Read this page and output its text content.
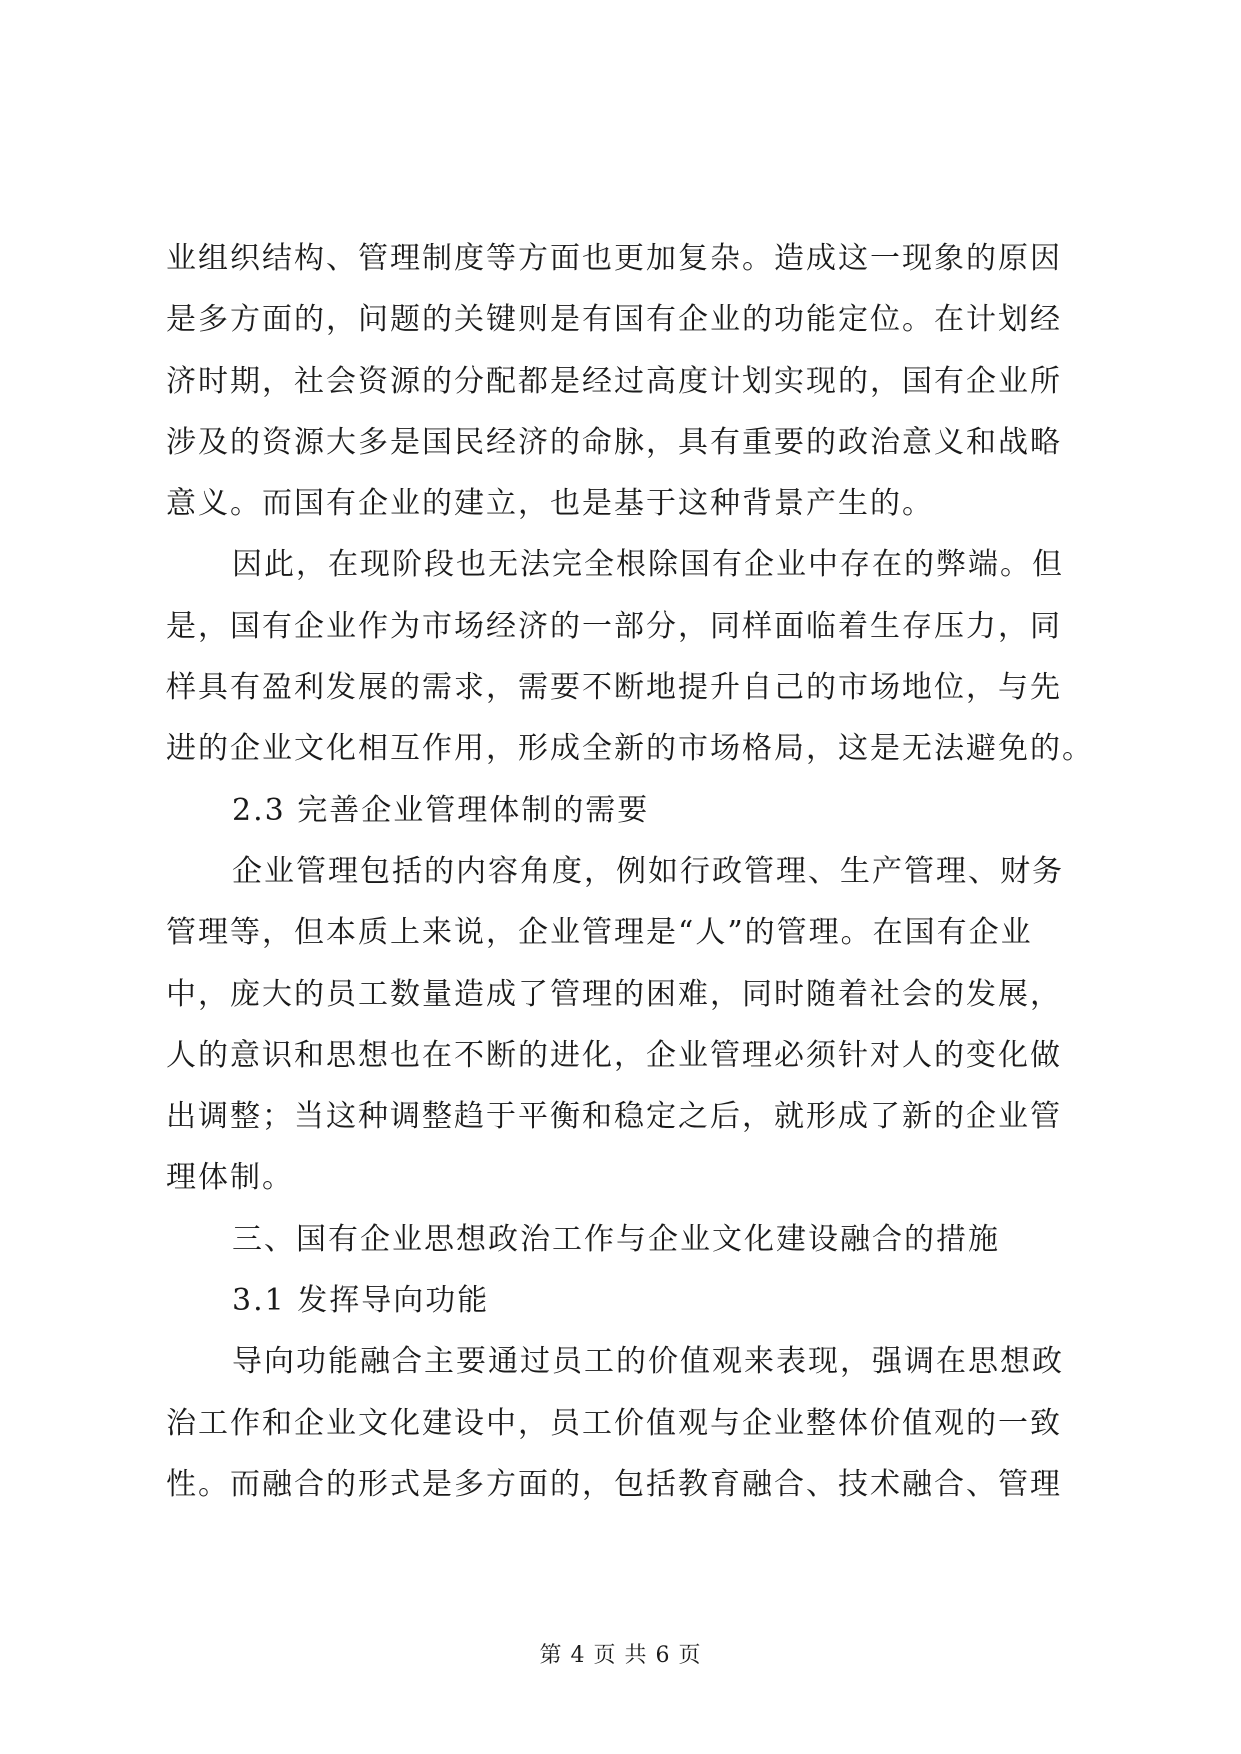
业组织结构、管理制度等方面也更加复杂。造成这一现象的原因
是多方面的，问题的关键则是有国有企业的功能定位。在计划经
济时期，社会资源的分配都是经过高度计划实现的，国有企业所
涉及的资源大多是国民经济的命脉，具有重要的政治意义和战略
意义。而国有企业的建立，也是基于这种背景产生的。
因此，在现阶段也无法完全根除国有企业中存在的弊端。但
是，国有企业作为市场经济的一部分，同样面临着生存压力，同
样具有盈利发展的需求，需要不断地提升自己的市场地位，与先
进的企业文化相互作用，形成全新的市场格局，这是无法避免的。
2.3 完善企业管理体制的需要
企业管理包括的内容角度，例如行政管理、生产管理、财务
管理等，但本质上来说，企业管理是“人”的管理。在国有企业
中，庞大的员工数量造成了管理的困难，同时随着社会的发展，
人的意识和思想也在不断的进化，企业管理必须针对人的变化做
出调整；当这种调整趋于平衡和稳定之后，就形成了新的企业管
理体制。
三、国有企业思想政治工作与企业文化建设融合的措施
3.1 发挥导向功能
导向功能融合主要通过员工的价值观来表现，强调在思想政
治工作和企业文化建设中，员工价值观与企业整体价值观的一致
性。而融合的形式是多方面的，包括教育融合、技术融合、管理
第 4 页 共 6 页
